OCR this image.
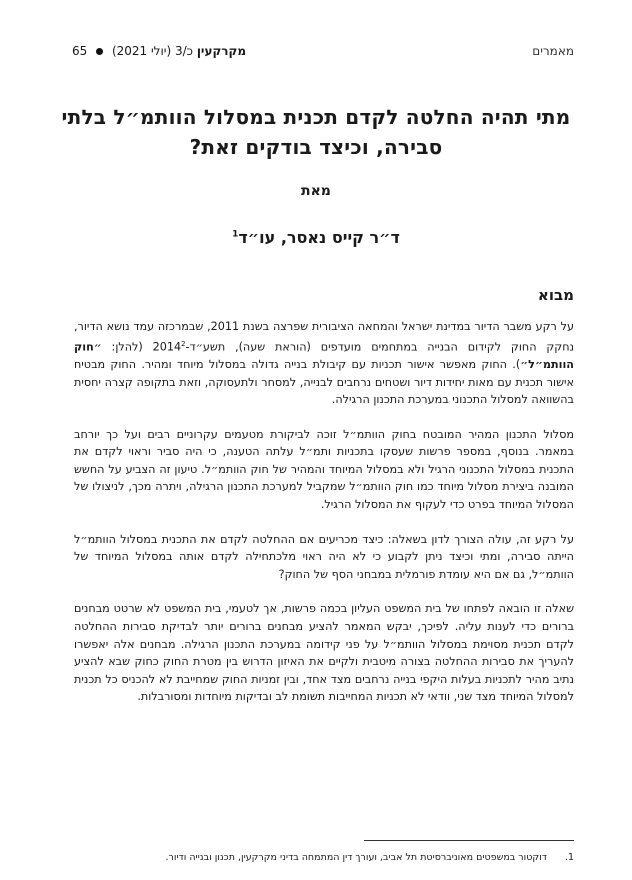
מאמרים
מקרקעין כ/3 (יולי 2021)  65
מתי תהיה החלטה לקדם תכנית במסלול הוותמ״ל בלתי סבירה, וכיצד בודקים זאת?
מאת
ד״ר קייס נאסר, עו״ד$^1$
מבוא

על רקע משבר הדיור במדינת ישראל והמחאה הציבורית שפרצה בשנת 2011, שבמרכזה עמד נושא הדיור, נחקק החוק לקידום הבנייה במתחמים מועדפים (הוראת שעה), תשע״ד-2014$^2$ (להלן: ״חוק הוותמ״ל״). החוק מאפשר אישור תכניות עם קיבולת בנייה גדולה במסלול מיוחד ומהיר. החוק מבטיח אישור תכנית עם מאות יחידות דיור ושטחים נרחבים לבנייה, למסחר ולתעסוקה, וזאת בתקופה קצרה יחסית בהשוואה למסלול התכנוני במערכת התכנון הרגילה.

מסלול התכנון המהיר המובטח בחוק הוותמ״ל זוכה לביקורת מטעמים עקרוניים רבים ועל כך יורחב במאמר. בנוסף, במספר פרשות שעסקו בתכניות ותמ״ל עלתה הטענה, כי היה סביר וראוי לקדם את התכנית במסלול התכנוני הרגיל ולא במסלול המיוחד והמהיר של חוק הוותמ״ל. טיעון זה הצביע על החשש המובנה ביצירת מסלול מיוחד כמו חוק הוותמ״ל שמקביל למערכת התכנון הרגילה, ויתרה מכך, לניצולו של המסלול המיוחד בפרט כדי לעקוף את המסלול הרגיל.

על רקע זה, עולה הצורך לדון בשאלה: כיצד מכריעים אם ההחלטה לקדם את התכנית במסלול הוותמ״ל הייתה סבירה, ומתי וכיצד ניתן לקבוע כי לא היה ראוי מלכתחילה לקדם אותה במסלול המיוחד של הוותמ״ל, גם אם היא עומדת פורמלית במבחני הסף של החוק?

שאלה זו הובאה לפתחו של בית המשפט העליון בכמה פרשות, אך לטעמי, בית המשפט לא שרטט מבחנים ברורים כדי לענות עליה. לפיכך, יבקש המאמר להציע מבחנים ברורים יותר לבדיקת סבירות ההחלטה לקדם תכנית מסוימת במסלול הוותמ״ל על פני קידומה במערכת התכנון הרגילה. מבחנים אלה יאפשרו להעריך את סבירות ההחלטה בצורה מיטבית ולקיים את האיזון הדרוש בין מטרת החוק כחוק שבא להציע נתיב מהיר לתכניות בעלות היקפי בנייה נרחבים מצד אחד, ובין זמניות החוק שמחייבת לא להכניס כל תכנית למסלול המיוחד מצד שני, וודאי לא תכניות המחייבות תשומת לב ובדיקות מיוחדות ומסורבלות.

1.
דוקטור במשפטים מאוניברסיטת תל אביב, ועורך דין המתמחה בדיני מקרקעין, תכנון ובנייה ודיור.
